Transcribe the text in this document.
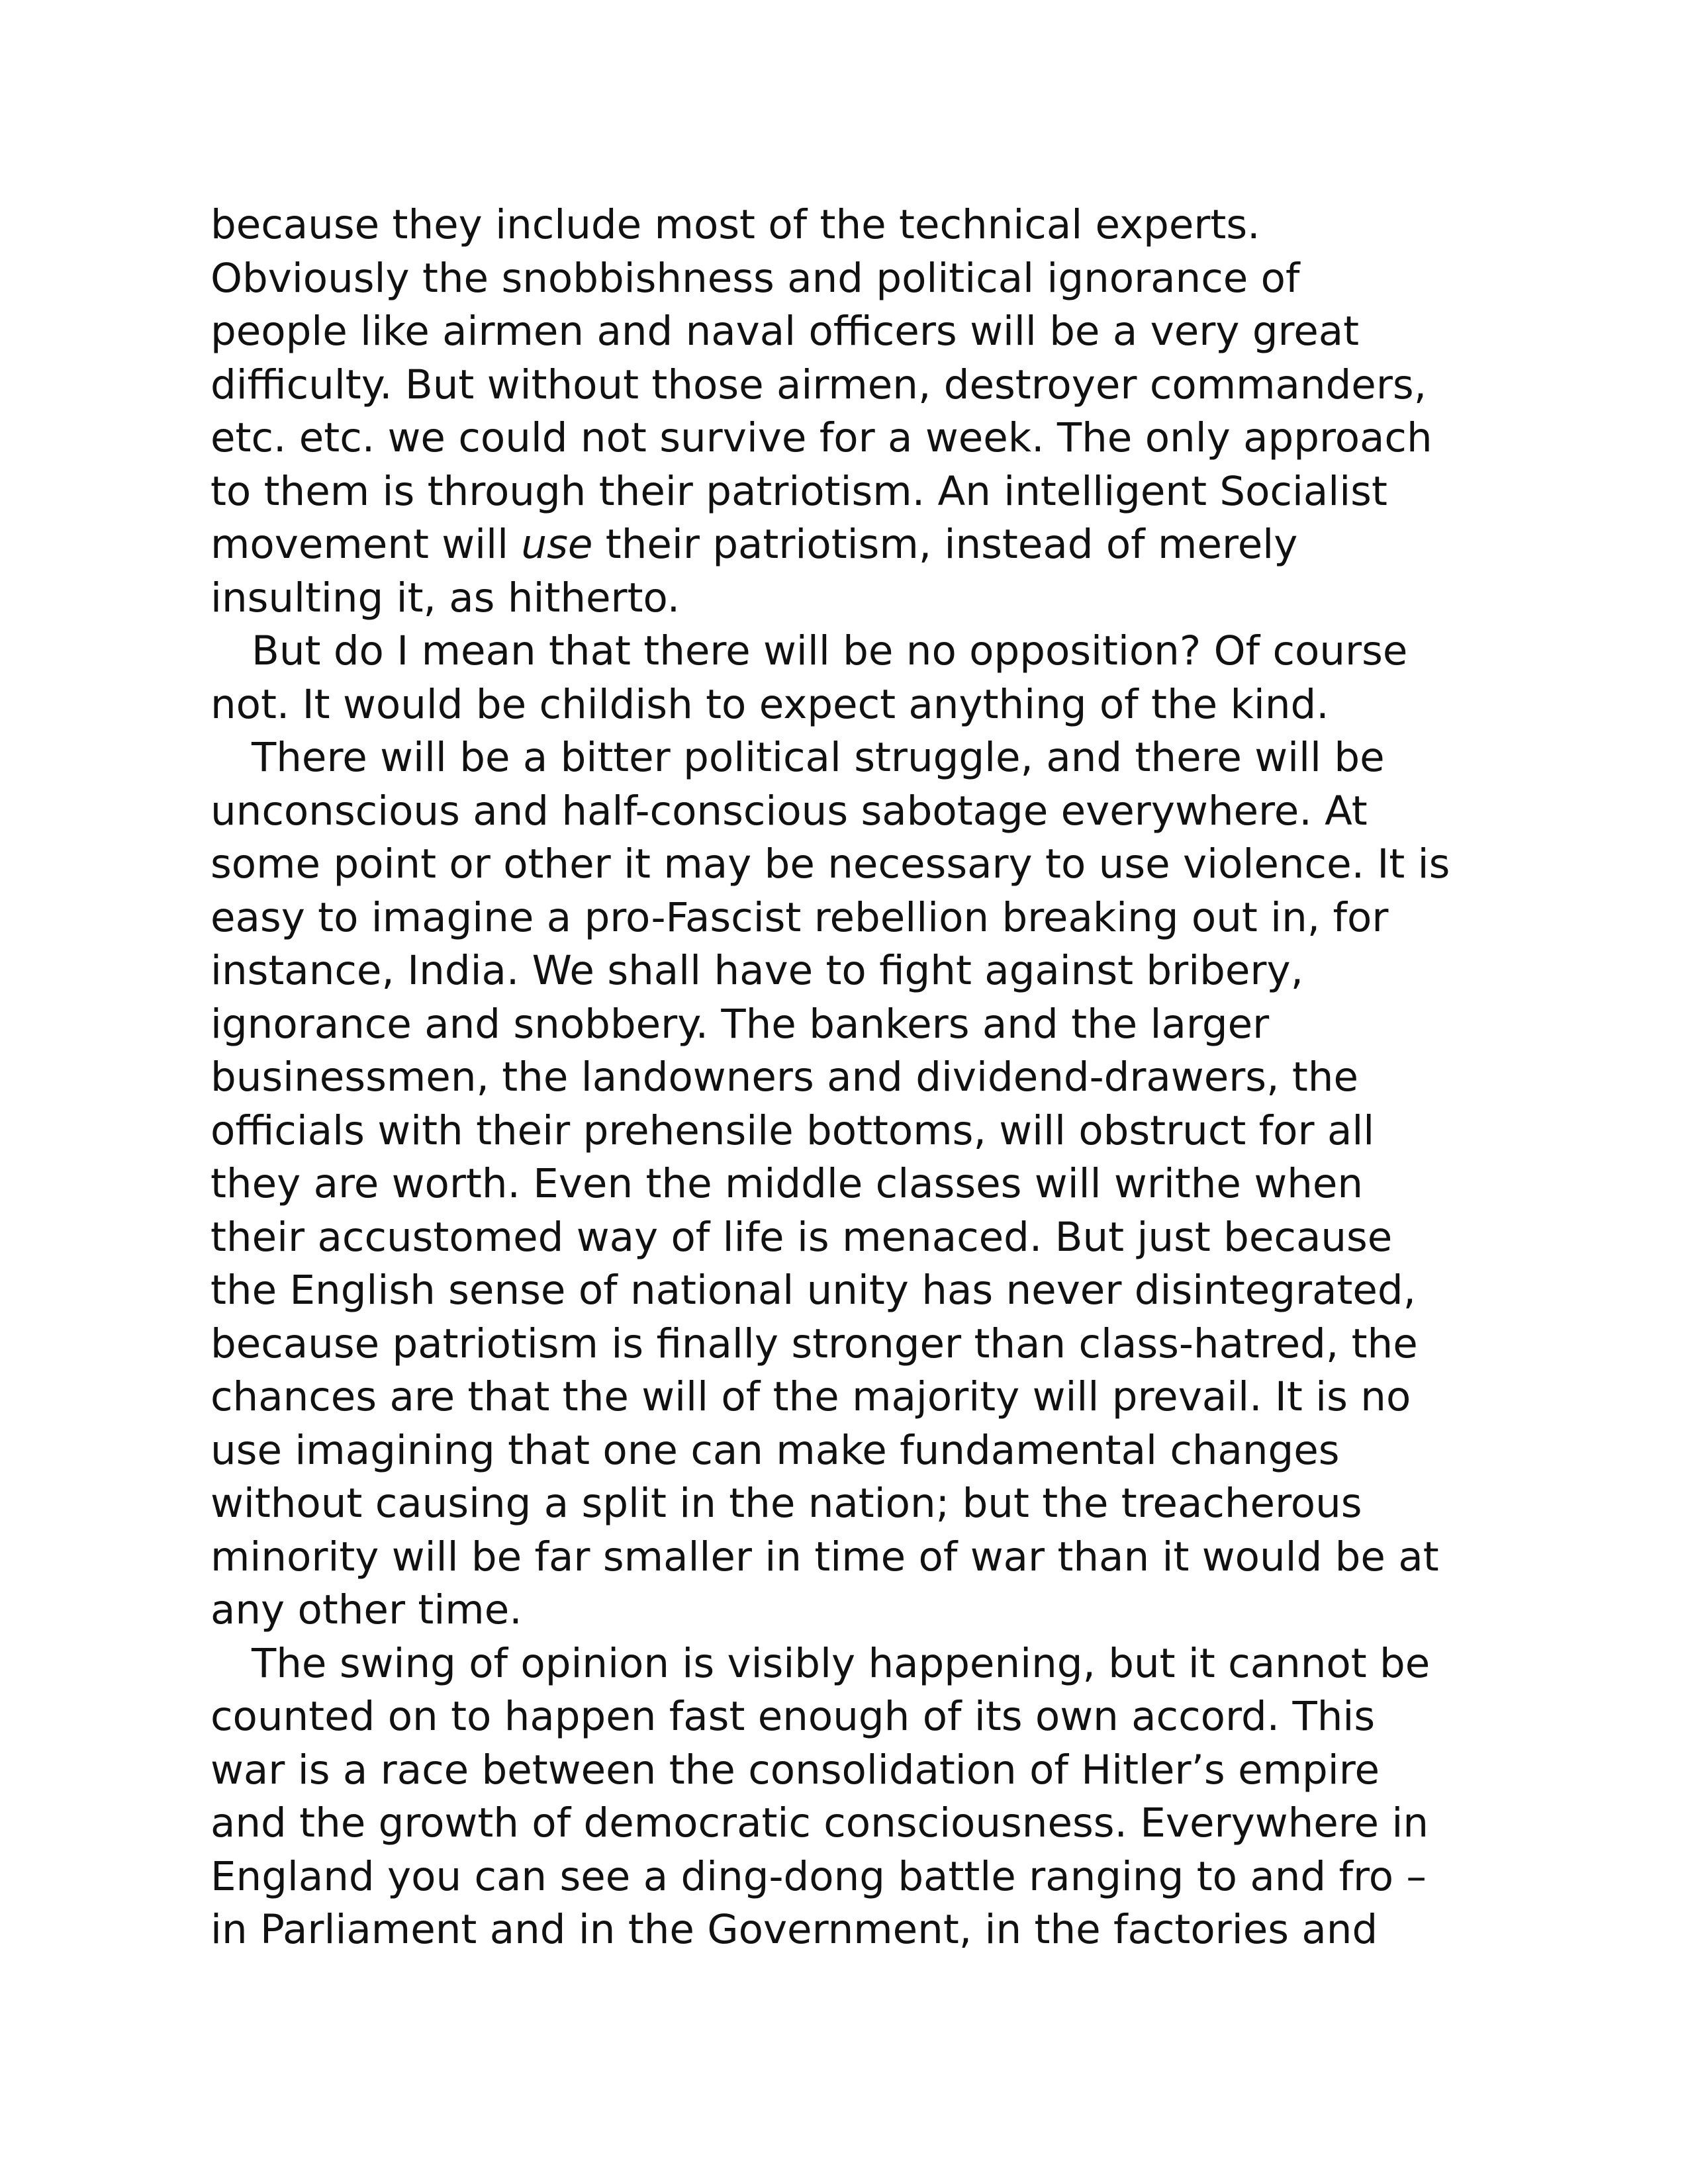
because they include most of the technical experts.
Obviously the snobbishness and political ignorance of
people like airmen and naval officers will be a very great
difficulty. But without those airmen, destroyer commanders,
etc. etc. we could not survive for a week. The only approach
to them is through their patriotism. An intelligent Socialist
movement will use their patriotism, instead of merely
insulting it, as hitherto.
But do I mean that there will be no opposition? Of course
not. It would be childish to expect anything of the kind.
There will be a bitter political struggle, and there will be
unconscious and half-conscious sabotage everywhere. At
some point or other it may be necessary to use violence. It is
easy to imagine a pro-Fascist rebellion breaking out in, for
instance, India. We shall have to fight against bribery,
ignorance and snobbery. The bankers and the larger
businessmen, the landowners and dividend-drawers, the
officials with their prehensile bottoms, will obstruct for all
they are worth. Even the middle classes will writhe when
their accustomed way of life is menaced. But just because
the English sense of national unity has never disintegrated,
because patriotism is finally stronger than class-hatred, the
chances are that the will of the majority will prevail. It is no
use imagining that one can make fundamental changes
without causing a split in the nation; but the treacherous
minority will be far smaller in time of war than it would be at
any other time.
The swing of opinion is visibly happening, but it cannot be
counted on to happen fast enough of its own accord. This
war is a race between the consolidation of Hitler’s empire
and the growth of democratic consciousness. Everywhere in
England you can see a ding-dong battle ranging to and fro –
in Parliament and in the Government, in the factories and
